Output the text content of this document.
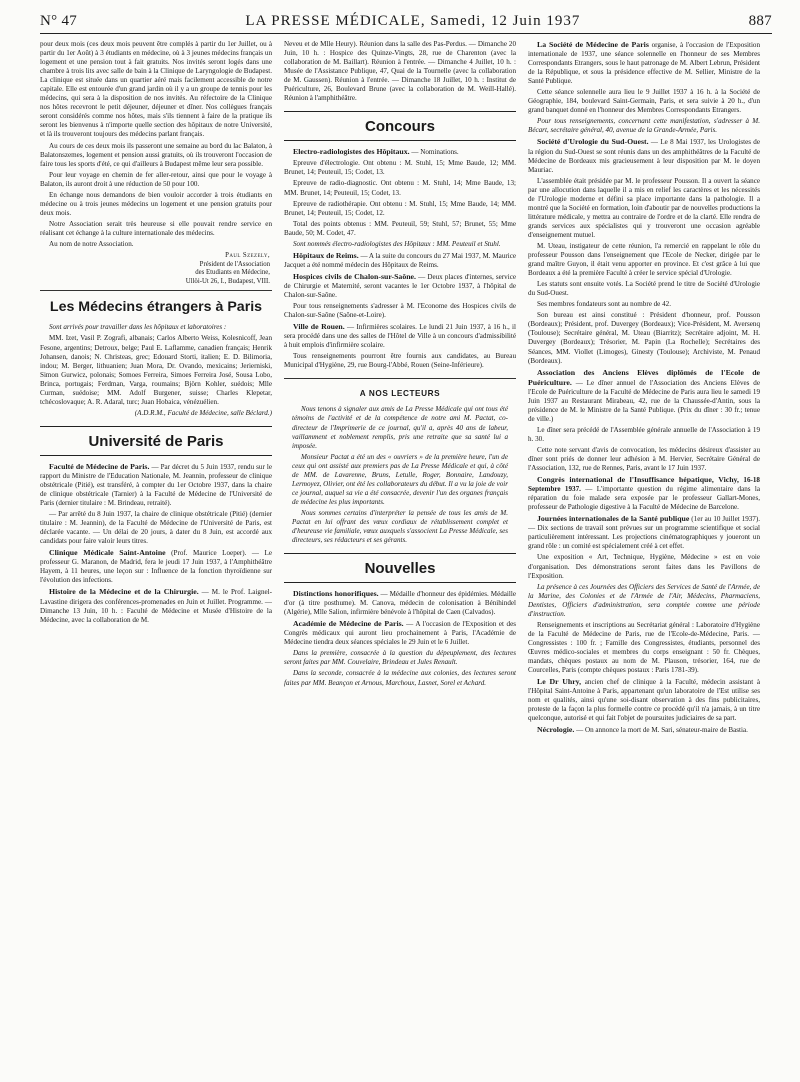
N° 47	LA PRESSE MÉDICALE, Samedi, 12 Juin 1937	887

pour deux mois (ces deux mois peuvent être complés à partir du 1er Juillet, ou à partir du 1er Août) à 3 étudiants en médecine, où à 3 jeunes médecins français un logement et une pension tout à fait gratuits. Nos invités seront logés dans une chambre à trois lits avec salle de bain à la Clinique de Laryngologie de Budapest. La clinique est située dans un quartier aéré mais facilement accessible de notre capitale. Elle est entourée d'un grand jardin où il y a un groupe de tennis pour les médecins, qui sera à la disposition de nos invités. Au réfectoire de la Clinique nos hôtes recevront le petit déjeuner, déjeuner et dîner. Nos collègues français seront considérés comme nos hôtes, mais s'ils tiennent à faire de la pratique ils seront les bienvenus à n'importe quelle section des hôpitaux de notre Université, et là ils trouveront toujours des médecins parlant français.

Au cours de ces deux mois ils passeront une semaine au bord du lac Balaton, à Balatonszemes, logement et pension aussi gratuits, où ils trouveront l'occasion de faire tous les sports d'été, ce qui d'ailleurs à Budapest même leur sera possible.

Pour leur voyage en chemin de fer aller-retour, ainsi que pour le voyage à Balaton, ils auront droit à une réduction de 50 pour 100.

En échange nous demandons de bien vouloir accorder à trois étudiants en médecine ou à trois jeunes médecins un logement et une pension gratuits pour deux mois.

Notre Association serait très heureuse si elle pouvait rendre service en réalisant cet échange à la culture internationale des médecins.

Au nom de notre Association.

Paul Szezely,
Président de l'Association
des Etudiants en Médecine,
Ullöi-Ut 26, I., Budapest, VIII.
Les Médecins étrangers à Paris

Sont arrivés pour travailler dans les hôpitaux et laboratoires :

MM. Izet, Vasil P. Zografi, albanais; Carlos Alberto Weiss, Kolesnicoff, Jean Fesone, argentins; Detroux, belge; Paul E. Laflamme, canadien français; Henrik Johansen, danois; N. Christeas, grec; Edouard Storti, italien; E. D. Bilimoria, indou; M. Berger, lithuanien; Juan Mora, Dr. Ovando, mexicains; Jerierniski, Simon Gurwicz, polonais; Somoes Ferreira, Simoes Ferreira José, Sousa Lobo, Brinca, portugais; Ferdman, Varga, roumains; Björn Kohler, suédois; Mlle Curman, suédoise; MM. Adolf Burgener, suisse; Charles Klepetar, tchécoslovaque; A. R. Adaral, turc; Juan Hobaica, vénézuélien.

(A.D.R.M., Faculté de Médecine, salle Béclard.)

Université de Paris

Faculté de Médecine de Paris. — Par décret du 5 Juin 1937, rendu sur le rapport du Ministre de l'Education Nationale, M. Jeannin, professeur de clinique obstétricale (Pitié), est transféré, à compter du 1er Octobre 1937, dans la chaire de clinique obstétricale (Tarnier) à la Faculté de Médecine de l'Université de Paris (dernier titulaire : M. Brindeau, retraité).

— Par arrêté du 8 Juin 1937, la chaire de clinique obstétricale (Pitié) (dernier titulaire : M. Jeannin), de la Faculté de Médecine de l'Université de Paris, est déclarée vacante. — Un délai de 20 jours, à dater du 8 Juin, est accordé aux candidats pour faire valoir leurs titres.

Clinique Médicale Saint-Antoine (Prof. Maurice Loeper). — Le professeur G. Maranon, de Madrid, fera le jeudi 17 Juin 1937, à l'Amphithéâtre Hayem, à 11 heures, une leçon sur : Influence de la fonction thyroïdienne sur l'évolution des infections.

Histoire de la Médecine et de la Chirurgie. — M. le Prof. Laignel-Lavastine dirigera des conférences-promenades en Juin et Juillet. Programme. — Dimanche 13 Juin, 10 h. : Faculté de Médecine et Musée d'Histoire de la Médecine, avec la collaboration de M.

Neveu et de Mlle Heury). Réunion dans la salle des Pas-Perdus. — Dimanche 20 Juin, 10 h. : Hospice des Quinze-Vingts, 28, rue de Charenton (avec la collaboration de M. Baillart). Réunion à l'entrée. — Dimanche 4 Juillet, 10 h. : Musée de l'Assistance Publique, 47, Quai de la Tournelle (avec la collaboration de M. Gaussen). Réunion à l'entrée. — Dimanche 18 Juillet, 10 h. : Institut de Puériculture, 26, Boulevard Brune (avec la collaboration de M. Weill-Hallé). Réunion à l'amphithéâtre.

Concours

Electro-radiologistes des Hôpitaux. — Nominations.

Epreuve d'électrologie. Ont obtenu : M. Stuhl, 15; Mme Baude, 12; MM. Brunet, 14; Peuteuil, 15; Codet, 13.

Epreuve de radio-diagnostic. Ont obtenu : M. Stuhl, 14; Mme Baude, 13; MM. Brunet, 14; Peuteuil, 15; Codet, 13.

Epreuve de radiothérapie. Ont obtenu : M. Stuhl, 15; Mme Baude, 14; MM. Brunet, 14; Peuteuil, 15; Codet, 12.

Total des points obtenus : MM. Peuteuil, 59; Stuhl, 57; Brunet, 55; Mme Baude, 50; M. Codet, 47.

Sont nommés électro-radiologistes des Hôpitaux : MM. Peuteuil et Stuhl.

Hôpitaux de Reims. — A la suite du concours du 27 Mai 1937, M. Maurice Jacquet a été nommé médecin des Hôpitaux de Reims.

Hospices civils de Chalon-sur-Saône. — Deux places d'internes, service de Chirurgie et Maternité, seront vacantes le 1er Octobre 1937, à l'hôpital de Chalon-sur-Saône.

Pour tous renseignements s'adresser à M. l'Econome des Hospices civils de Chalon-sur-Saône (Saône-et-Loire).

Ville de Rouen. — Infirmières scolaires. Le lundi 21 Juin 1937, à 16 h., il sera procédé dans une des salles de l'Hôtel de Ville à un concours d'admissibilité à huit emplois d'infirmière scolaire.

Tous renseignements pourront être fournis aux candidates, au Bureau Municipal d'Hygiène, 29, rue Bourg-l'Abbé, Rouen (Seine-Inférieure).

A NOS LECTEURS

Nous tenons à signaler aux amis de La Presse Médicale qui ont tous été témoins de l'activité et de la compétence de notre ami M. Pactat, co-directeur de l'Imprimerie de ce journal, qu'il a, après 40 ans de labeur, vaillamment et noblement remplis, pris une retraite que sa santé lui a imposée.

Monsieur Pactat a été un des « ouvriers » de la première heure, l'un de ceux qui ont assisté aux premiers pas de La Presse Médicale et qui, à côté de MM. de Lavarenne, Bruns, Letulle, Roger, Bonnaire, Landouzy, Lermoyez, Olivier, ont été les collaborateurs du début. Il a vu la joie de voir ce journal, auquel sa vie a été consacrée, devenir l'un des organes français de médecine les plus importants.

Nous sommes certains d'interpréter la pensée de tous les amis de M. Pactat en lui offrant des vœux cordiaux de rétablissement complet et d'heureuse vie familiale, vœux auxquels s'associent La Presse Médicale, ses directeurs, ses rédacteurs et ses gérants.

Nouvelles

Distinctions honorifiques. — Médaille d'honneur des épidémies. Médaille d'or (à titre posthume). M. Canova, médecin de colonisation à Bénihindel (Algérie), Mlle Salion, infirmière bénévole à l'hôpital de Caen (Calvados).

Académie de Médecine de Paris. — A l'occasion de l'Exposition et des Congrès médicaux qui auront lieu prochainement à Paris, l'Académie de Médecine tiendra deux séances spéciales le 29 Juin et le 6 Juillet.

Dans la première, consacrée à la question du dépeuplement, des lectures seront faites par MM. Couvelaire, Brindeau et Jules Renault.

Dans la seconde, consacrée à la médecine aux colonies, des lectures seront faites par MM. Beançon et Arnous, Marchoux, Lasnet, Sorel et Achard.

La Société de Médecine de Paris organise, à l'occasion de l'Exposition internationale de 1937, une séance solennelle en l'honneur de ses Membres Correspondants Etrangers, sous le haut patronage de M. Albert Lebrun, Président de la République, et sous la présidence effective de M. Sellier, Ministre de la Santé Publique.

Cette séance solennelle aura lieu le 9 Juillet 1937 à 16 h. à la Société de Géographie, 184, boulevard Saint-Germain, Paris, et sera suivie à 20 h., d'un grand banquet donné en l'honneur des Membres Correspondants Etrangers.

Pour tous renseignements, concernant cette manifestation, s'adresser à M. Bécart, secrétaire général, 40, avenue de la Grande-Armée, Paris.

Société d'Urologie du Sud-Ouest. — Le 8 Mai 1937, les Urologistes de la région du Sud-Ouest se sont réunis dans un des amphithéâtres de la Faculté de Médecine de Bordeaux mis gracieusement à leur disposition par M. le doyen Mauriac.

L'assemblée était présidée par M. le professeur Pousson. Il a ouvert la séance par une allocution dans laquelle il a mis en relief les caractères et les nécessités de l'Urologie moderne et défini sa place importante dans la pathologie. Il a montré que la Société en formation, loin d'aboutir par de nouvelles productions la littérature médicale, y mettra au contraire de l'ordre et de la clarté. Elle rendra de grands services aux spécialistes qui y trouveront une occasion agréable d'enseignement mutuel.

M. Uteau, instigateur de cette réunion, l'a remercié en rappelant le rôle du professeur Pousson dans l'enseignement que l'Ecole de Necker, dirigée par le grand maître Guyon, il était venu apporter en province. Et c'est grâce à lui que Bordeaux a été la première Faculté à créer le service spécial d'Urologie.

Les statuts sont ensuite votés. La Société prend le titre de Société d'Urologie du Sud-Ouest.

Ses membres fondateurs sont au nombre de 42.

Son bureau est ainsi constitué : Président d'honneur, prof. Pousson (Bordeaux); Président, prof. Duvergey (Bordeaux); Vice-Président, M. Aversenq (Toulouse); Secrétaire général, M. Uteau (Biarritz); Secrétaire adjoint, M. H. Duvergey (Bordeaux); Trésorier, M. Papin (La Rochelle); Secrétaires des Séances, MM. Viollet (Limoges), Ginesty (Toulouse); Archiviste, M. Penaud (Bordeaux).

Association des Anciens Elèves diplômés de l'Ecole de Puériculture. — Le dîner annuel de l'Association des Anciens Elèves de l'Ecole de Puériculture de la Faculté de Médecine de Paris aura lieu le samedi 19 Juin 1937 au Restaurant Mirabeau, 42, rue de la Chaussée-d'Antin, sous la présidence de M. le Ministre de la Santé Publique. (Prix du dîner : 30 fr.; tenue de ville.)

Le dîner sera précédé de l'Assemblée générale annuelle de l'Association à 19 h. 30.

Cette note servant d'avis de convocation, les médecins désireux d'assister au dîner sont priés de donner leur adhésion à M. Hervier, Secrétaire Général de l'Association, 132, rue de Rennes, Paris, avant le 17 Juin 1937.

Congrès international de l'Insuffisance hépatique, Vichy, 16-18 Septembre 1937. — L'importante question du régime alimentaire dans la réparation du foie malade sera exposée par le professeur Gallart-Mones, professeur de Pathologie digestive à la Faculté de Médecine de Barcelone.

Journées internationales de la Santé publique (1er au 10 Juillet 1937). — Dix sections de travail sont prévues sur un programme scientifique et social particulièrement intéressant. Les projections cinématographiques y joueront un grand rôle : un comité est spécialement créé à cet effet.

Une exposition « Art, Technique, Hygiène, Médecine » est en voie d'organisation. Des démonstrations seront faites dans les Pavillons de l'Exposition.

La présence à ces Journées des Officiers des Services de Santé de l'Armée, de la Marine, des Colonies et de l'Armée de l'Air, Médecins, Pharmaciens, Dentistes, Officiers d'administration, sera comptée comme une période d'instruction.

Renseignements et inscriptions au Secrétariat général : Laboratoire d'Hygiène de la Faculté de Médecine de Paris, rue de l'Ecole-de-Médecine, Paris. — Congressistes : 100 fr. ; Famille des Congressistes, étudiants, personnel des Œuvres médico-sociales et membres du corps enseignant : 50 fr. Chèques, mandats, chèques postaux au nom de M. Plauson, trésorier, 164, rue de Courcelles, Paris (compte chèques postaux : Paris 1781-39).

Le Dr Uhry, ancien chef de clinique à la Faculté, médecin assistant à l'Hôpital Saint-Antoine à Paris, appartenant qu'un laboratoire de l'Est utilise ses nom et qualités, ainsi qu'une soi-disant observation à des fins publicitaires, proteste de la façon la plus formelle contre ce procédé qu'il n'a jamais, à un titre quelconque, autorisé et qui fait l'objet de poursuites judiciaires de sa part.

Nécrologie. — On annonce la mort de M. Sari, sénateur-maire de Bastia.
